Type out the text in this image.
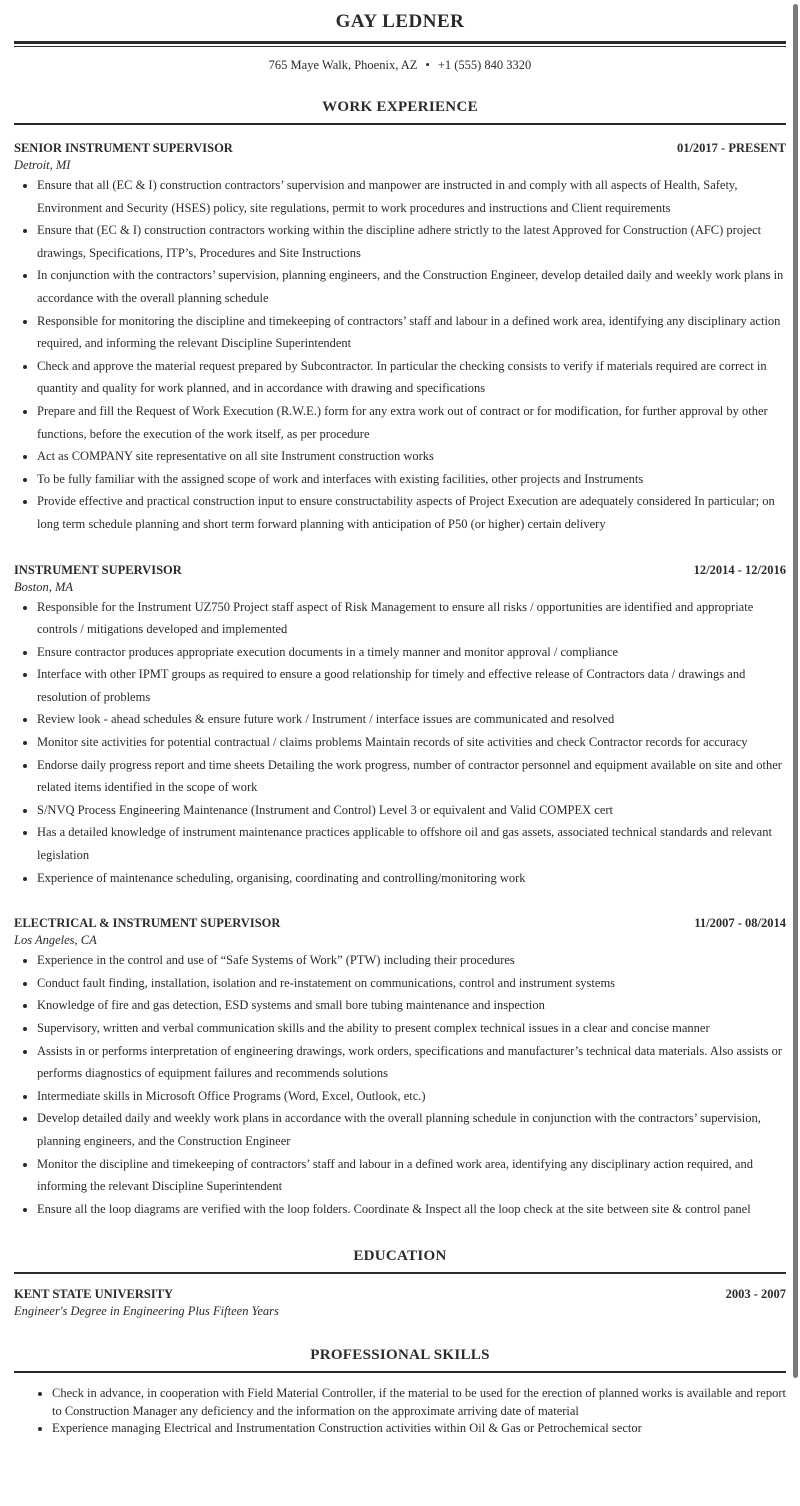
GAY LEDNER
765 Maye Walk, Phoenix, AZ • +1 (555) 840 3320
WORK EXPERIENCE
SENIOR INSTRUMENT SUPERVISOR	01/2017 - PRESENT
Detroit, MI
• Ensure that all (EC & I) construction contractors’ supervision and manpower are instructed in and comply with all aspects of Health, Safety, Environment and Security (HSES) policy, site regulations, permit to work procedures and instructions and Client requirements
• Ensure that (EC & I) construction contractors working within the discipline adhere strictly to the latest Approved for Construction (AFC) project drawings, Specifications, ITP’s, Procedures and Site Instructions
• In conjunction with the contractors’ supervision, planning engineers, and the Construction Engineer, develop detailed daily and weekly work plans in accordance with the overall planning schedule
• Responsible for monitoring the discipline and timekeeping of contractors’ staff and labour in a defined work area, identifying any disciplinary action required, and informing the relevant Discipline Superintendent
• Check and approve the material request prepared by Subcontractor. In particular the checking consists to verify if materials required are correct in quantity and quality for work planned, and in accordance with drawing and specifications
• Prepare and fill the Request of Work Execution (R.W.E.) form for any extra work out of contract or for modification, for further approval by other functions, before the execution of the work itself, as per procedure
• Act as COMPANY site representative on all site Instrument construction works
• To be fully familiar with the assigned scope of work and interfaces with existing facilities, other projects and Instruments
• Provide effective and practical construction input to ensure constructability aspects of Project Execution are adequately considered In particular; on long term schedule planning and short term forward planning with anticipation of P50 (or higher) certain delivery
INSTRUMENT SUPERVISOR	12/2014 - 12/2016
Boston, MA
• Responsible for the Instrument UZ750 Project staff aspect of Risk Management to ensure all risks / opportunities are identified and appropriate controls / mitigations developed and implemented
• Ensure contractor produces appropriate execution documents in a timely manner and monitor approval / compliance
• Interface with other IPMT groups as required to ensure a good relationship for timely and effective release of Contractors data / drawings and resolution of problems
• Review look - ahead schedules & ensure future work / Instrument / interface issues are communicated and resolved
• Monitor site activities for potential contractual / claims problems Maintain records of site activities and check Contractor records for accuracy
• Endorse daily progress report and time sheets Detailing the work progress, number of contractor personnel and equipment available on site and other related items identified in the scope of work
• S/NVQ Process Engineering Maintenance (Instrument and Control) Level 3 or equivalent and Valid COMPEX cert
• Has a detailed knowledge of instrument maintenance practices applicable to offshore oil and gas assets, associated technical standards and relevant legislation
• Experience of maintenance scheduling, organising, coordinating and controlling/monitoring work
ELECTRICAL & INSTRUMENT SUPERVISOR	11/2007 - 08/2014
Los Angeles, CA
• Experience in the control and use of “Safe Systems of Work” (PTW) including their procedures
• Conduct fault finding, installation, isolation and re-instatement on communications, control and instrument systems
• Knowledge of fire and gas detection, ESD systems and small bore tubing maintenance and inspection
• Supervisory, written and verbal communication skills and the ability to present complex technical issues in a clear and concise manner
• Assists in or performs interpretation of engineering drawings, work orders, specifications and manufacturer’s technical data materials. Also assists or performs diagnostics of equipment failures and recommends solutions
• Intermediate skills in Microsoft Office Programs (Word, Excel, Outlook, etc.)
• Develop detailed daily and weekly work plans in accordance with the overall planning schedule in conjunction with the contractors’ supervision, planning engineers, and the Construction Engineer
• Monitor the discipline and timekeeping of contractors’ staff and labour in a defined work area, identifying any disciplinary action required, and informing the relevant Discipline Superintendent
• Ensure all the loop diagrams are verified with the loop folders. Coordinate & Inspect all the loop check at the site between site & control panel
EDUCATION
KENT STATE UNIVERSITY	2003 - 2007
Engineer's Degree in Engineering Plus Fifteen Years
PROFESSIONAL SKILLS
• Check in advance, in cooperation with Field Material Controller, if the material to be used for the erection of planned works is available and report to Construction Manager any deficiency and the information on the approximate arriving date of material
• Experience managing Electrical and Instrumentation Construction activities within Oil & Gas or Petrochemical sector
